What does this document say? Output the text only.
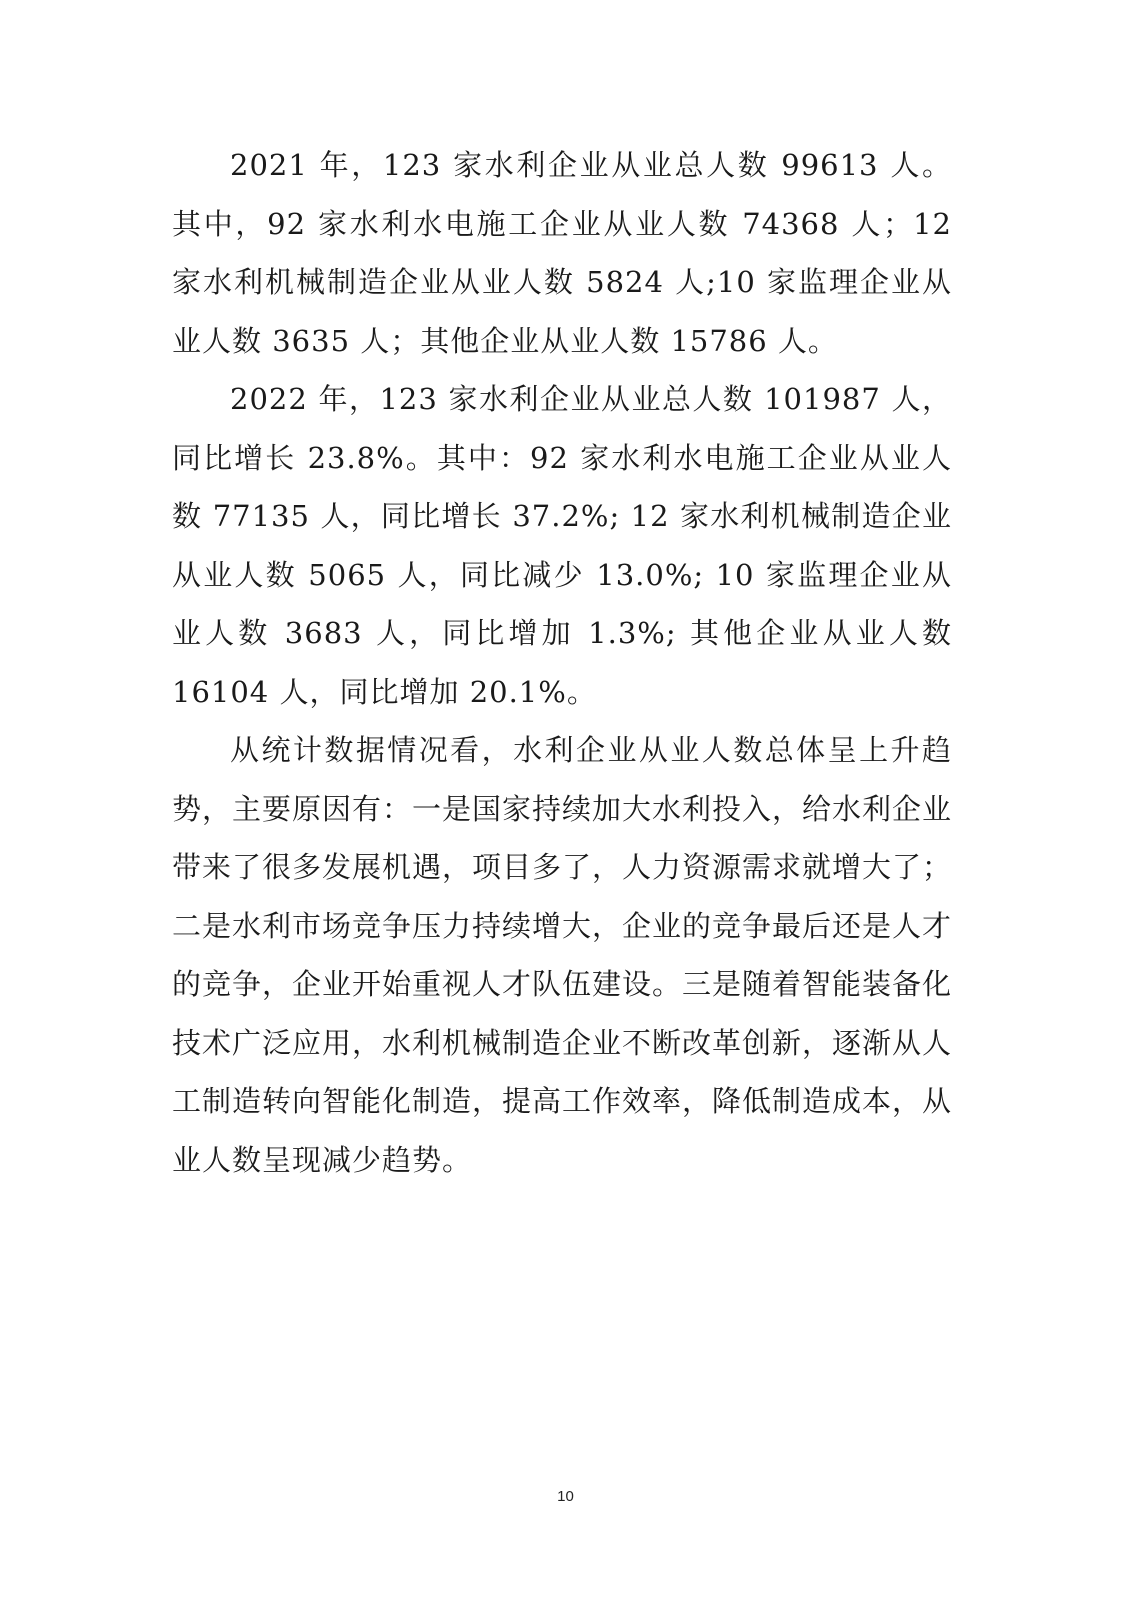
2021 年，123 家水利企业从业总人数 99613 人。其中，92 家水利水电施工企业从业人数 74368 人；12 家水利机械制造企业从业人数 5824 人;10 家监理企业从业人数 3635 人；其他企业从业人数 15786 人。

2022 年，123 家水利企业从业总人数 101987 人，同比增长 23.8%。其中：92 家水利水电施工企业从业人数 77135 人，同比增长 37.2%; 12 家水利机械制造企业从业人数 5065 人，同比减少 13.0%; 10 家监理企业从业人数 3683 人，同比增加 1.3%; 其他企业从业人数 16104 人，同比增加 20.1%。

从统计数据情况看，水利企业从业人数总体呈上升趋势，主要原因有：一是国家持续加大水利投入，给水利企业带来了很多发展机遇，项目多了，人力资源需求就增大了；二是水利市场竞争压力持续增大，企业的竞争最后还是人才的竞争，企业开始重视人才队伍建设。三是随着智能装备化技术广泛应用，水利机械制造企业不断改革创新，逐渐从人工制造转向智能化制造，提高工作效率，降低制造成本，从业人数呈现减少趋势。

10
